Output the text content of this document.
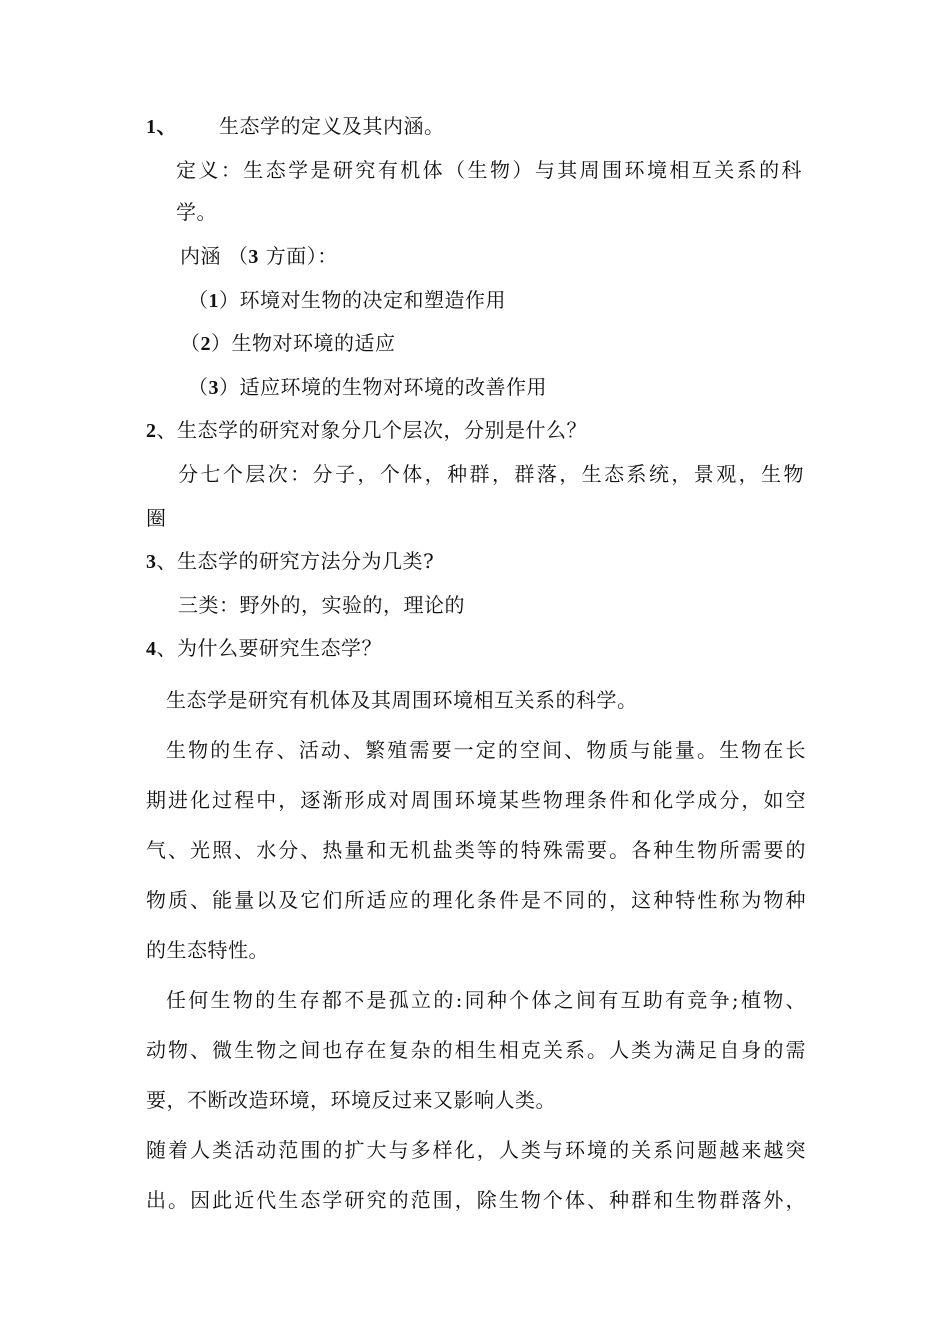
1、 生态学的定义及其内涵。
定义：生态学是研究有机体（生物）与其周围环境相互关系的科
学。
内涵 （3 方面）：
（1）环境对生物的决定和塑造作用
（2）生物对环境的适应
（3）适应环境的生物对环境的改善作用
2、生态学的研究对象分几个层次，分别是什么？
分七个层次：分子，个体，种群，群落，生态系统，景观，生物
圈
3、生态学的研究方法分为几类?
三类：野外的，实验的，理论的
4、为什么要研究生态学？
生态学是研究有机体及其周围环境相互关系的科学。
生物的生存、活动、繁殖需要一定的空间、物质与能量。生物在长
期进化过程中，逐渐形成对周围环境某些物理条件和化学成分，如空
气、光照、水分、热量和无机盐类等的特殊需要。各种生物所需要的
物质、能量以及它们所适应的理化条件是不同的，这种特性称为物种
的生态特性。
任何生物的生存都不是孤立的:同种个体之间有互助有竞争;植物、
动物、微生物之间也存在复杂的相生相克关系。人类为满足自身的需
要，不断改造环境，环境反过来又影响人类。
随着人类活动范围的扩大与多样化，人类与环境的关系问题越来越突
出。因此近代生态学研究的范围，除生物个体、种群和生物群落外，
